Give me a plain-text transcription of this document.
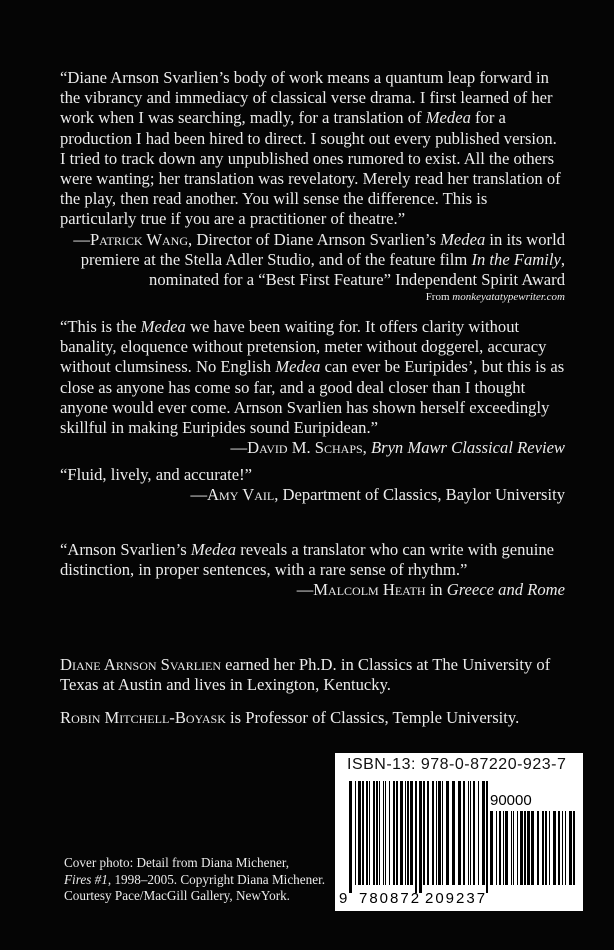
“Diane Arnson Svarlien’s body of work means a quantum leap forward in the vibrancy and immediacy of classical verse drama. I first learned of her work when I was searching, madly, for a translation of Medea for a production I had been hired to direct. I sought out every published version. I tried to track down any unpublished ones rumored to exist. All the others were wanting; her translation was revelatory. Merely read her translation of the play, then read another. You will sense the difference. This is particularly true if you are a practitioner of theatre.”

—Patrick Wang, Director of Diane Arnson Svarlien’s Medea in its world
premiere at the Stella Adler Studio, and of the feature film In the Family,
nominated for a “Best First Feature” Independent Spirit Award

From monkeyatatypewriter.com

“This is the Medea we have been waiting for. It offers clarity without banality, eloquence without pretension, meter without doggerel, accuracy without clumsiness. No English Medea can ever be Euripides’, but this is as close as anyone has come so far, and a good deal closer than I thought anyone would ever come. Arnson Svarlien has shown herself exceedingly skillful in making Euripides sound Euripidean.”

—David M. Schaps, Bryn Mawr Classical Review

“Fluid, lively, and accurate!”

—Amy Vail, Department of Classics, Baylor University

“Arnson Svarlien’s Medea reveals a translator who can write with genuine distinction, in proper sentences, with a rare sense of rhythm.”

—Malcolm Heath in Greece and Rome

Diane Arnson Svarlien earned her Ph.D. in Classics at The University of Texas at Austin and lives in Lexington, Kentucky.

Robin Mitchell-Boyask is Professor of Classics, Temple University.

Cover photo: Detail from Diana Michener,
Fires #1, 1998–2005. Copyright Diana Michener.
Courtesy Pace/MacGill Gallery, NewYork.
ISBN-13: 978-0-87220-923-7
90000
9 780872 209237
